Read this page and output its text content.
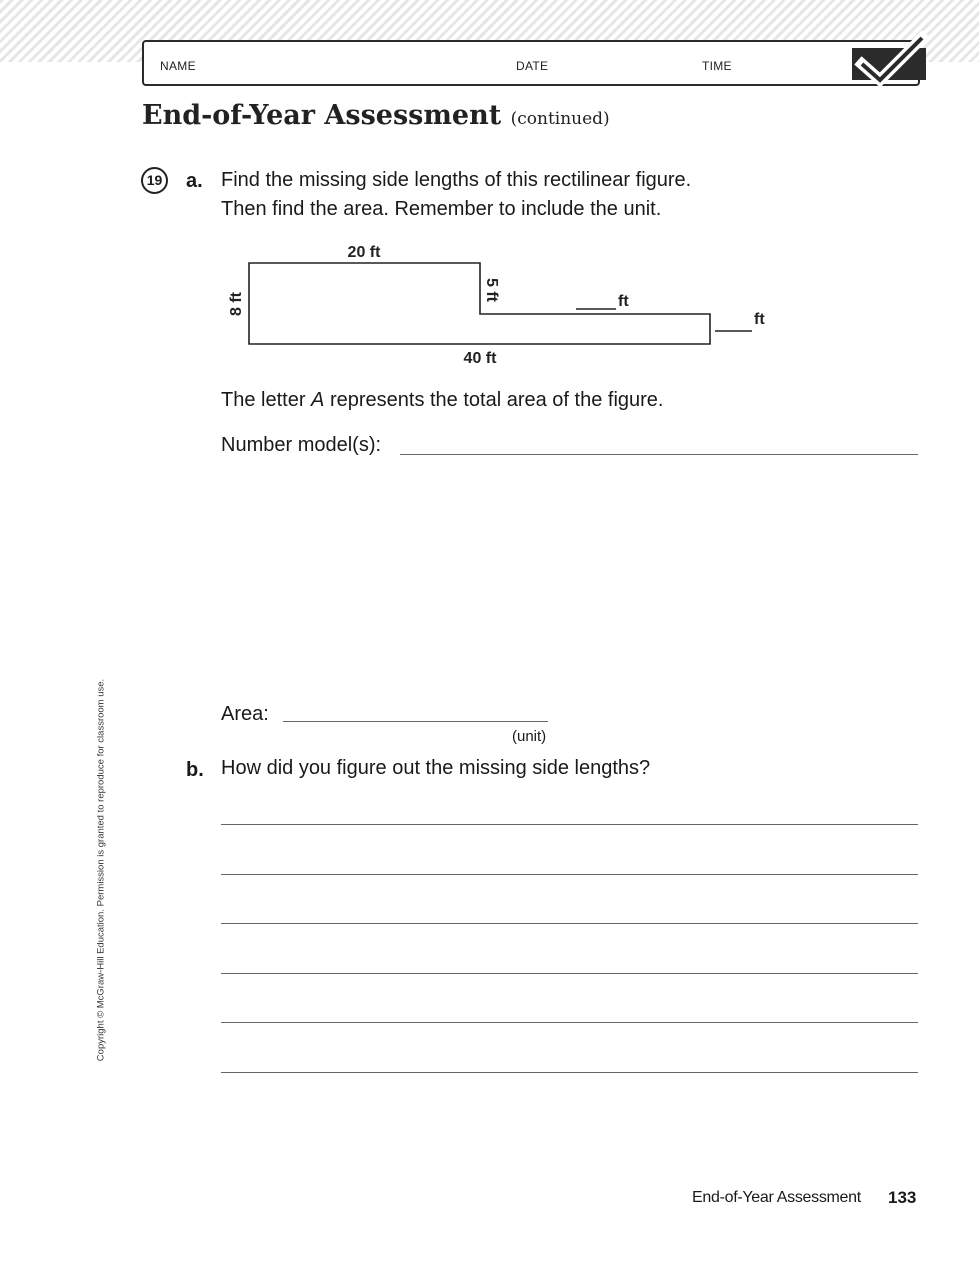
NAME	DATE	TIME
End-of-Year Assessment (continued)
19 a. Find the missing side lengths of this rectilinear figure.
Then find the area. Remember to include the unit.
20 ft
40 ft
8 ft
5 ft	ft
ft
The letter A represents the total area of the figure.
Number model(s):
Area:
(unit)
b. How did you figure out the missing side lengths?
Copyright © McGraw-Hill Education. Permission is granted to reproduce for classroom use.
End-of-Year Assessment 133
